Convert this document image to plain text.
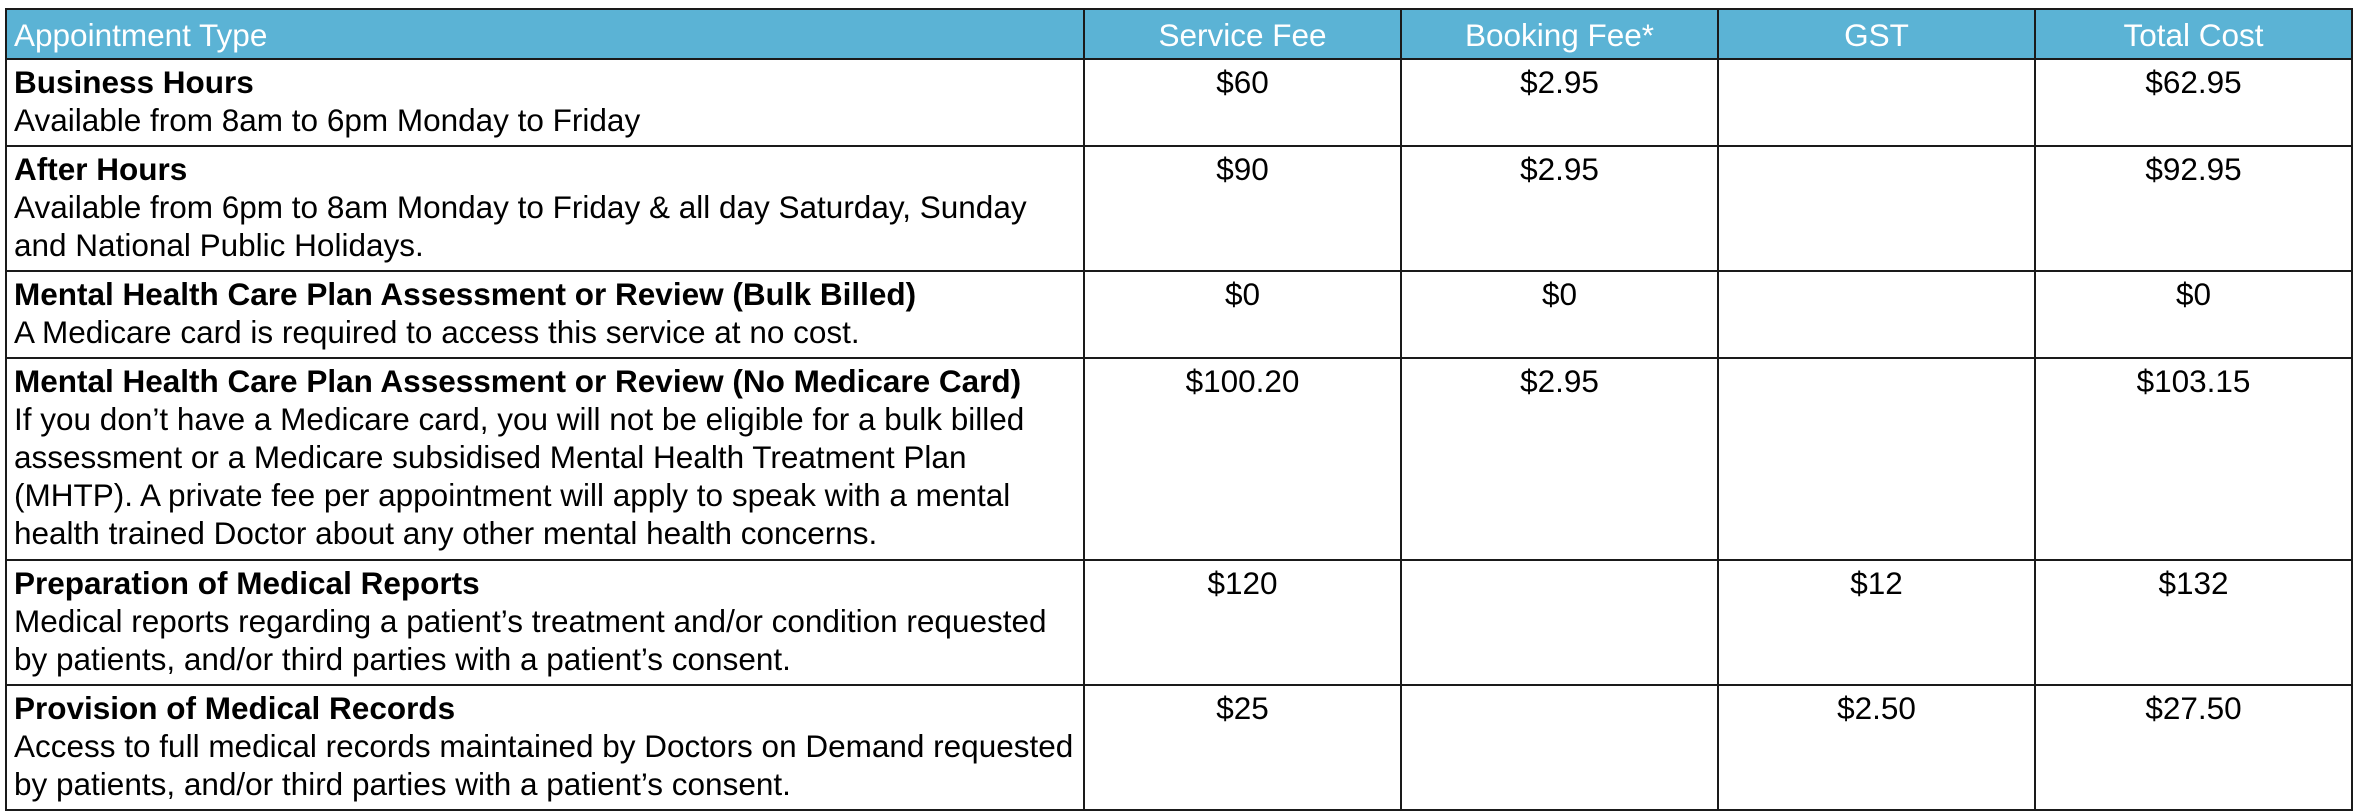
Appointment Type	Service Fee	Booking Fee*	GST	Total Cost

Business Hours
Available from 8am to 6pm Monday to Friday	$60	$2.95		$62.95

After Hours
Available from 6pm to 8am Monday to Friday & all day Saturday, Sunday and National Public Holidays.	$90	$2.95		$92.95

Mental Health Care Plan Assessment or Review (Bulk Billed)
A Medicare card is required to access this service at no cost.	$0	$0		$0

Mental Health Care Plan Assessment or Review (No Medicare Card)
If you don’t have a Medicare card, you will not be eligible for a bulk billed assessment or a Medicare subsidised Mental Health Treatment Plan (MHTP). A private fee per appointment will apply to speak with a mental health trained Doctor about any other mental health concerns.	$100.20	$2.95		$103.15

Preparation of Medical Reports
Medical reports regarding a patient’s treatment and/or condition requested by patients, and/or third parties with a patient’s consent.	$120		$12	$132

Provision of Medical Records
Access to full medical records maintained by Doctors on Demand requested by patients, and/or third parties with a patient’s consent.	$25		$2.50	$27.50
